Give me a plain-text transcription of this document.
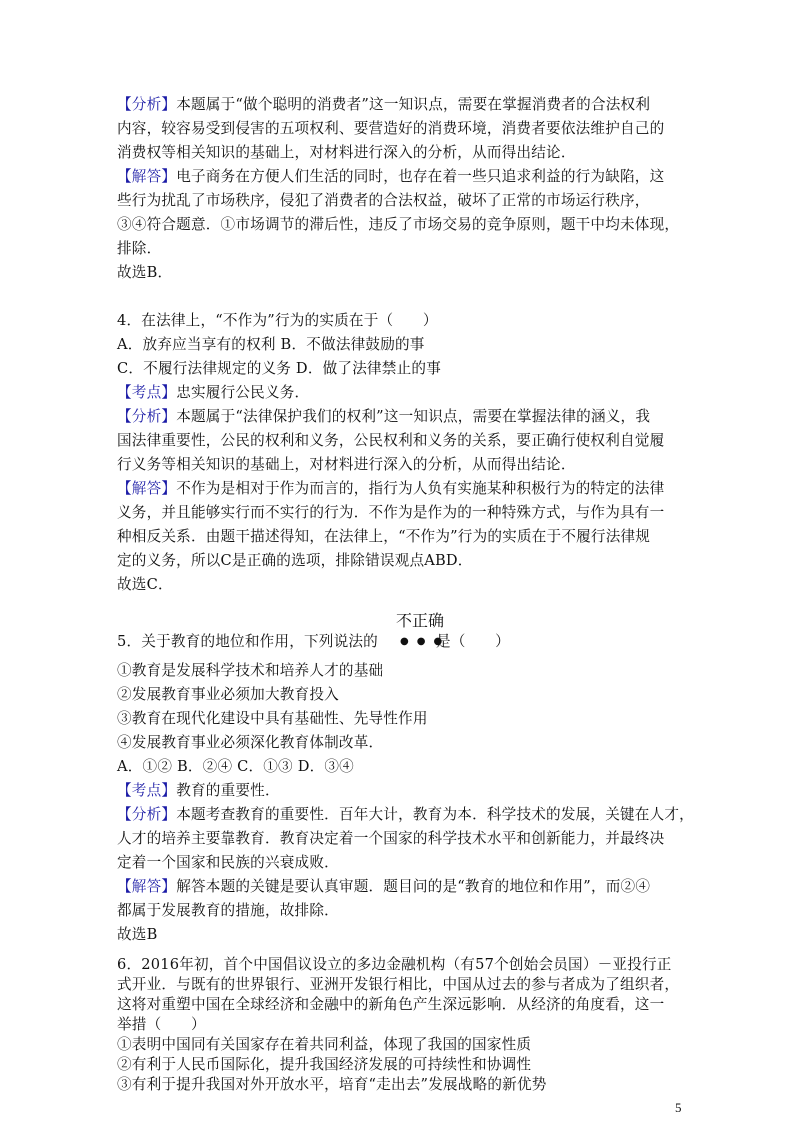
【分析】本题属于“做个聪明的消费者”这一知识点，需要在掌握消费者的合法权利
内容，较容易受到侵害的五项权利、要营造好的消费环境，消费者要依法维护自己的
消费权等相关知识的基础上，对材料进行深入的分析，从而得出结论．
【解答】电子商务在方便人们生活的同时，也存在着一些只追求利益的行为缺陷，这
些行为扰乱了市场秩序，侵犯了消费者的合法权益，破坏了正常的市场运行秩序，
③④符合题意．①市场调节的滞后性，违反了市场交易的竞争原则，题干中均未体现，
排除．
故选B．
4．在法律上，“不作为”行为的实质在于（　　）
A．放弃应当享有的权利 B．不做法律鼓励的事
C．不履行法律规定的义务 D．做了法律禁止的事
【考点】忠实履行公民义务．
【分析】本题属于“法律保护我们的权利”这一知识点，需要在掌握法律的涵义，我
国法律重要性，公民的权利和义务，公民权利和义务的关系，要正确行使权利自觉履
行义务等相关知识的基础上，对材料进行深入的分析，从而得出结论．
【解答】不作为是相对于作为而言的，指行为人负有实施某种积极行为的特定的法律
义务，并且能够实行而不实行的行为．不作为是作为的一种特殊方式，与作为具有一
种相反关系．由题干描述得知，在法律上，“不作为”行为的实质在于不履行法律规
定的义务，所以C是正确的选项，排除错误观点ABD．
故选C．
不正确
●●●
5．关于教育的地位和作用，下列说法的	是（　　）
①教育是发展科学技术和培养人才的基础
②发展教育事业必须加大教育投入
③教育在现代化建设中具有基础性、先导性作用
④发展教育事业必须深化教育体制改革．
A．①② B．②④ C．①③ D．③④
【考点】教育的重要性．
【分析】本题考查教育的重要性．百年大计，教育为本．科学技术的发展，关键在人才，
人才的培养主要靠教育．教育决定着一个国家的科学技术水平和创新能力，并最终决
定着一个国家和民族的兴衰成败．
【解答】解答本题的关键是要认真审题．题目问的是“教育的地位和作用”，而②④
都属于发展教育的措施，故排除．
故选B
6．2016年初，首个中国倡议设立的多边金融机构（有57个创始会员国）－亚投行正
式开业．与既有的世界银行、亚洲开发银行相比，中国从过去的参与者成为了组织者，
这将对重塑中国在全球经济和金融中的新角色产生深远影响．从经济的角度看，这一
举措（　　）
①表明中国同有关国家存在着共同利益，体现了我国的国家性质
②有利于人民币国际化，提升我国经济发展的可持续性和协调性
③有利于提升我国对外开放水平，培育“走出去”发展战略的新优势
5
